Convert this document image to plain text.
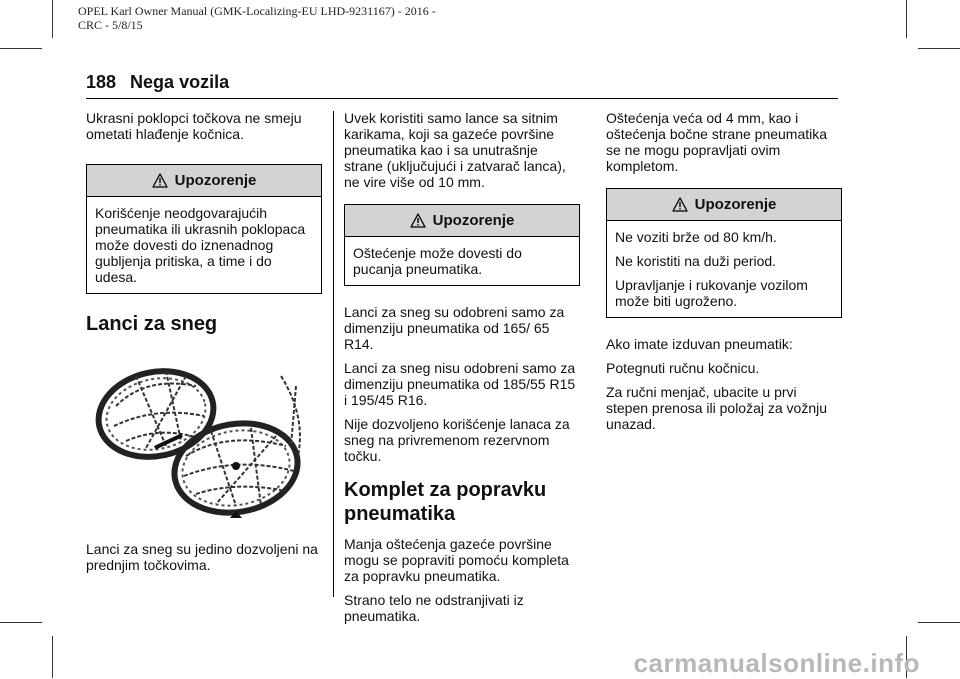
OPEL Karl Owner Manual (GMK-Localizing-EU LHD-9231167) - 2016 -
CRC - 5/8/15
188 Nega vozila

Ukrasni poklopci točkova ne smeju ometati hlađenje kočnica.

Upozorenje

Korišćenje neodgovarajućih pneumatika ili ukrasnih poklopaca može dovesti do iznenadnog gubljenja pritiska, a time i do udesa.

Lanci za sneg

Lanci za sneg su jedino dozvoljeni na prednjim točkovima.

Uvek koristiti samo lance sa sitnim karikama, koji sa gazeće površine pneumatika kao i sa unutrašnje strane (uključujući i zatvarač lanca), ne vire više od 10 mm.

Upozorenje

Oštećenje može dovesti do pucanja pneumatika.

Lanci za sneg su odobreni samo za dimenziju pneumatika od 165/ 65 R14.

Lanci za sneg nisu odobreni samo za dimenziju pneumatika od 185/55 R15 i 195/45 R16.

Nije dozvoljeno korišćenje lanaca za sneg na privremenom rezervnom točku.

Komplet za popravku pneumatika

Manja oštećenja gazeće površine mogu se popraviti pomoću kompleta za popravku pneumatika.

Strano telo ne odstranjivati iz pneumatika.

Oštećenja veća od 4 mm, kao i oštećenja bočne strane pneumatika se ne mogu popravljati ovim kompletom.

Upozorenje

Ne voziti brže od 80 km/h.

Ne koristiti na duži period.

Upravljanje i rukovanje vozilom može biti ugroženo.

Ako imate izduvan pneumatik:

Potegnuti ručnu kočnicu.

Za ručni menjač, ubacite u prvi stepen prenosa ili položaj za vožnju unazad.

carmanualsonline.info
